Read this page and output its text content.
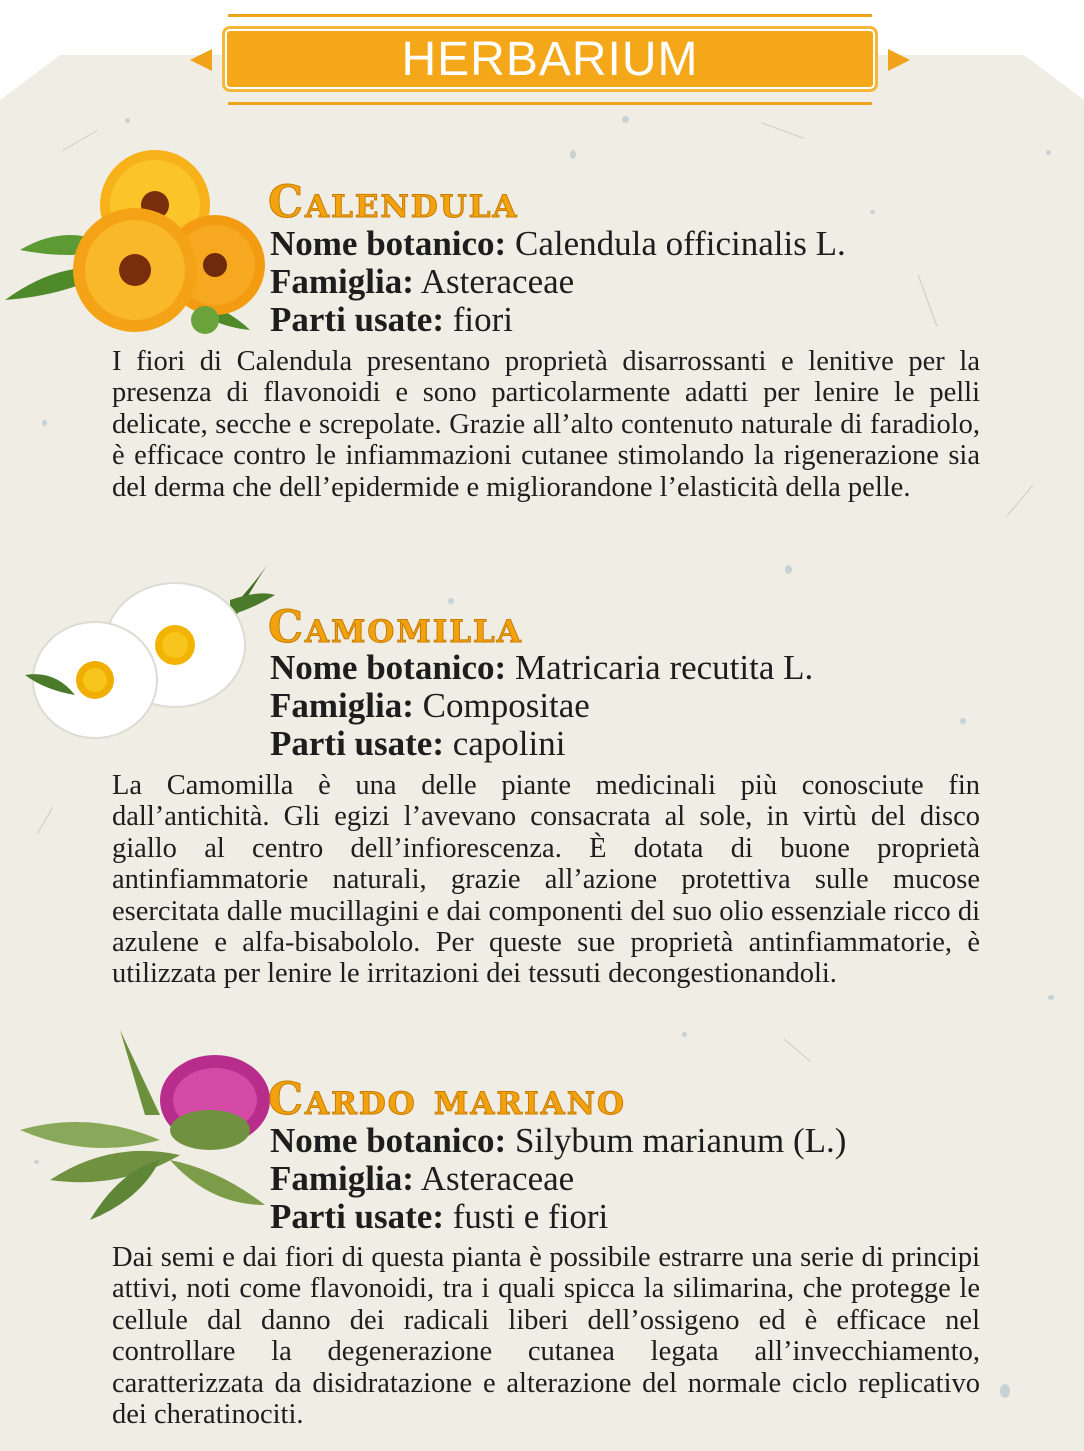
HERBARIUM
Calendula
Nome botanico: Calendula officinalis L.
Famiglia: Asteraceae
Parti usate: fiori
I fiori di Calendula presentano proprietà disarrossanti e lenitive per la presenza di flavonoidi e sono particolarmente adatti per lenire le pelli delicate, secche e screpolate. Grazie all’alto contenuto naturale di faradiolo, è efficace contro le infiammazioni cutanee stimolando la rigenerazione sia del derma che dell’epidermide e migliorandone l’elasticità della pelle.
Camomilla
Nome botanico: Matricaria recutita L.
Famiglia: Compositae
Parti usate: capolini
La Camomilla è una delle piante medicinali più conosciute fin dall’antichità. Gli egizi l’avevano consacrata al sole, in virtù del disco giallo al centro dell’infiorescenza. È dotata di buone proprietà antinfiammatorie naturali, grazie all’azione protettiva sulle mucose esercitata dalle mucillagini e dai componenti del suo olio essenziale ricco di azulene e alfa-bisabololo. Per queste sue proprietà antinfiammatorie, è utilizzata per lenire le irritazioni dei tessuti decongestionandoli.
Cardo mariano
Nome botanico: Silybum marianum (L.)
Famiglia: Asteraceae
Parti usate: fusti e fiori
Dai semi e dai fiori di questa pianta è possibile estrarre una serie di principi attivi, noti come flavonoidi, tra i quali spicca la silimarina, che protegge le cellule dal danno dei radicali liberi dell’ossigeno ed è efficace nel controllare la degenerazione cutanea legata all’invecchiamento, caratterizzata da disidratazione e alterazione del normale ciclo replicativo dei cheratinociti.
